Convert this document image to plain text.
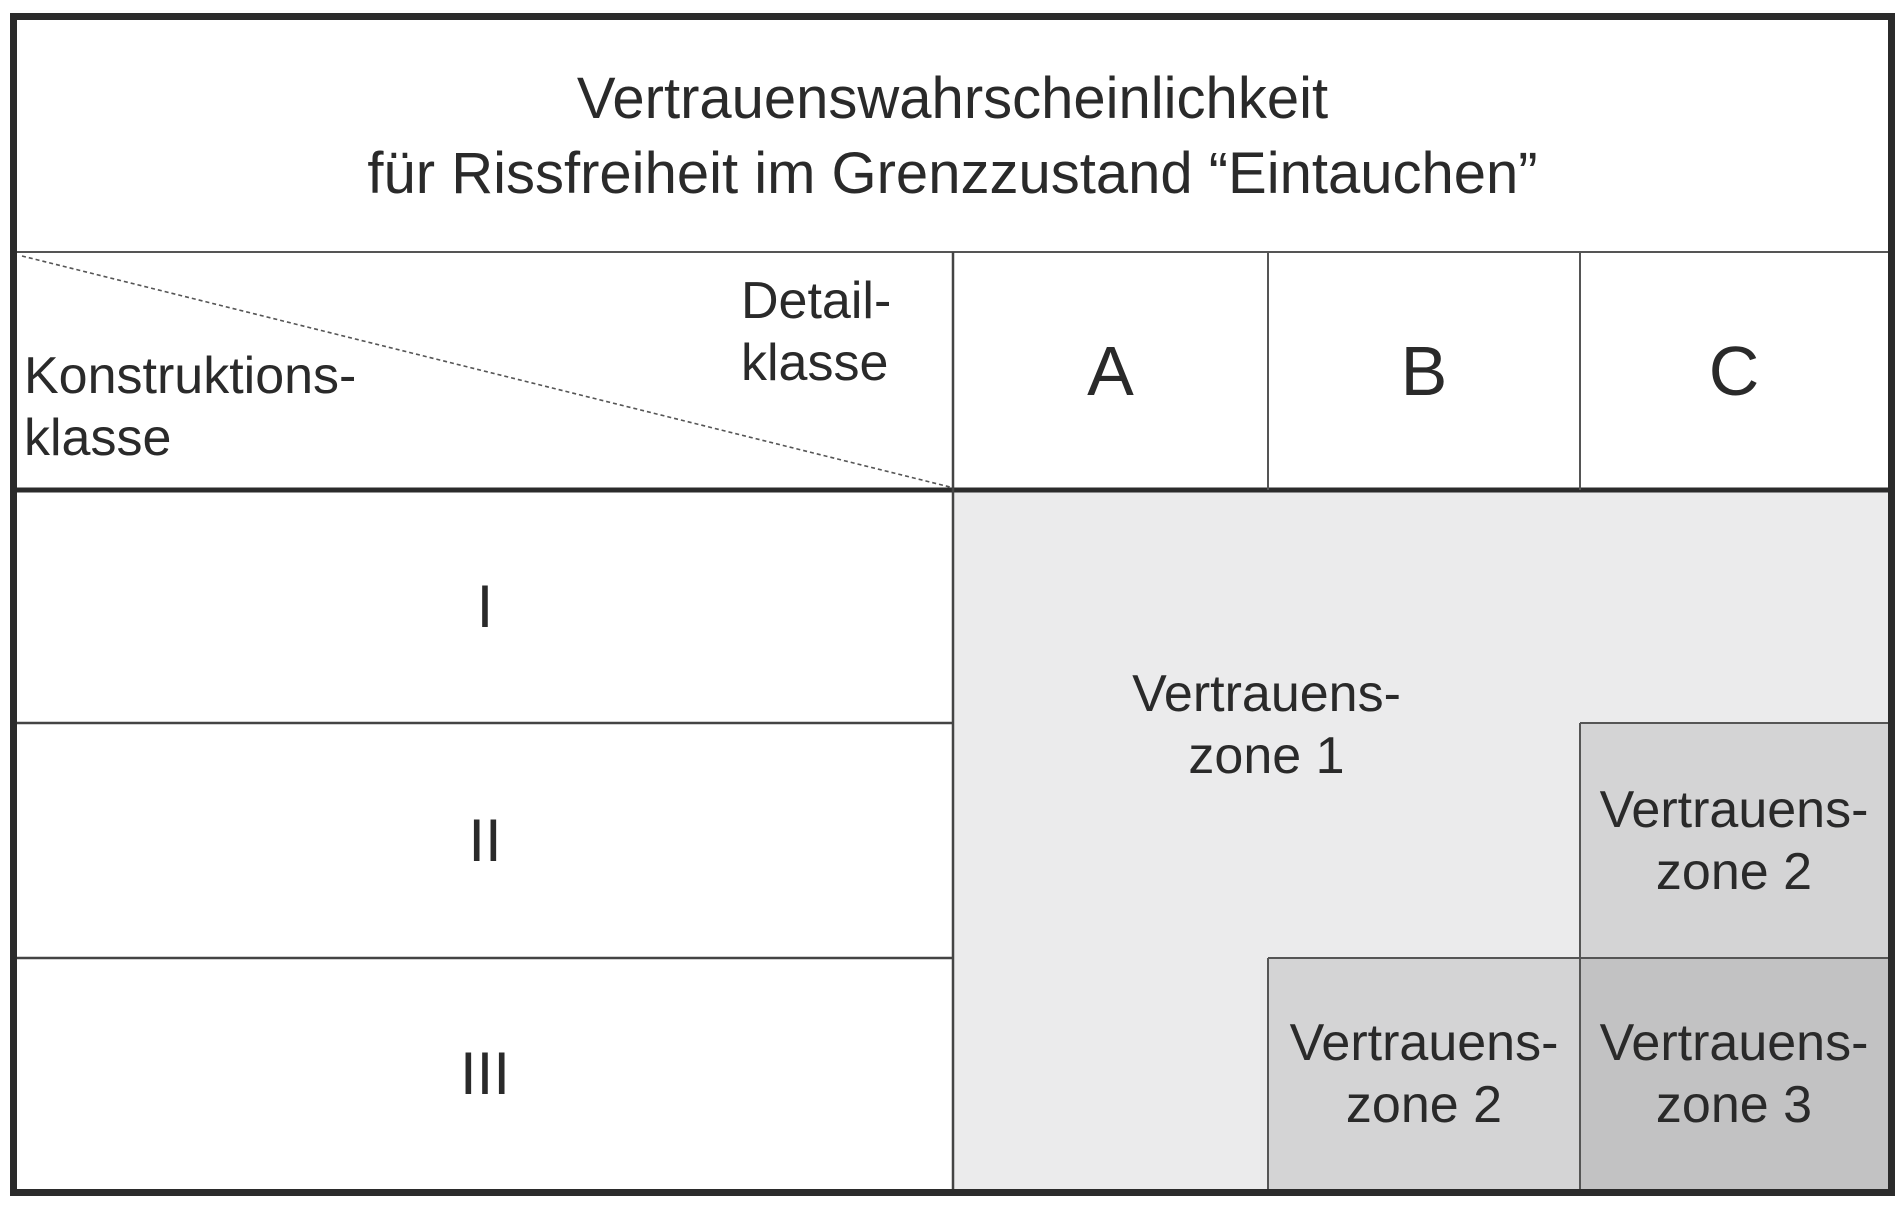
Vertrauenswahrscheinlichkeit
für Rissfreiheit im Grenzzustand “Eintauchen”
Detail-
klasse
Konstruktions-
klasse
A	B	C
I
II
III
Vertrauens-
zone 1
Vertrauens-
zone 2
Vertrauens-
zone 2
Vertrauens-
zone 3
